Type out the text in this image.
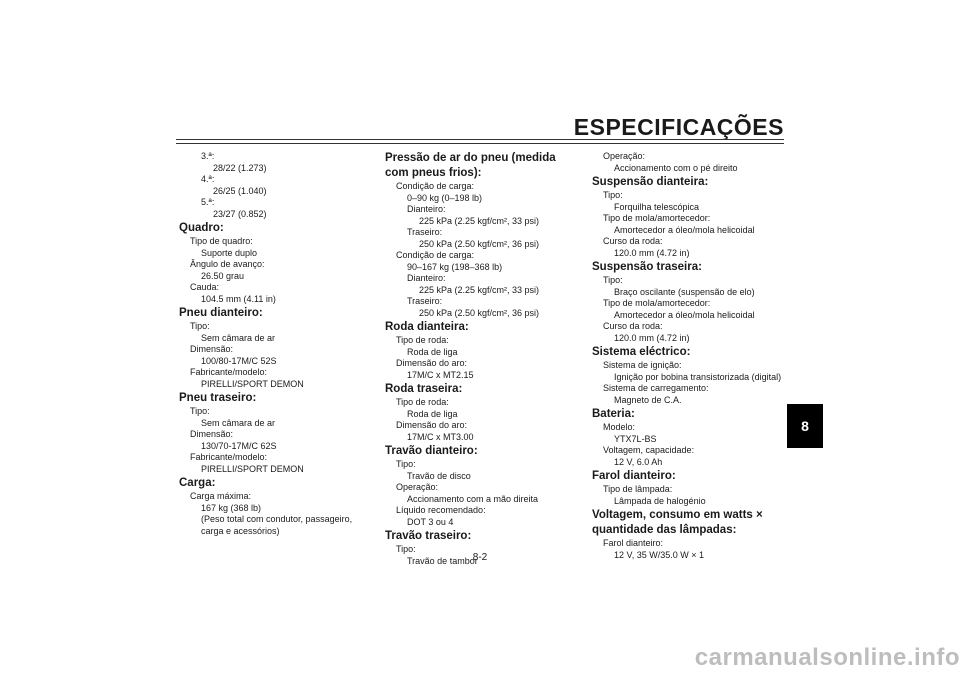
ESPECIFICAÇÕES
3.ª:
28/22 (1.273)
4.ª:
26/25 (1.040)
5.ª:
23/27 (0.852)
Quadro:
Tipo de quadro:
Suporte duplo
Ângulo de avanço:
26.50 grau
Cauda:
104.5 mm (4.11 in)
Pneu dianteiro:
Tipo:
Sem câmara de ar
Dimensão:
100/80-17M/C 52S
Fabricante/modelo:
PIRELLI/SPORT DEMON
Pneu traseiro:
Tipo:
Sem câmara de ar
Dimensão:
130/70-17M/C 62S
Fabricante/modelo:
PIRELLI/SPORT DEMON
Carga:
Carga máxima:
167 kg (368 lb)
(Peso total com condutor, passageiro, carga e acessórios)
Pressão de ar do pneu (medida com pneus frios):
Condição de carga:
0–90 kg (0–198 lb)
Dianteiro:
225 kPa (2.25 kgf/cm², 33 psi)
Traseiro:
250 kPa (2.50 kgf/cm², 36 psi)
Condição de carga:
90–167 kg (198–368 lb)
Dianteiro:
225 kPa (2.25 kgf/cm², 33 psi)
Traseiro:
250 kPa (2.50 kgf/cm², 36 psi)
Roda dianteira:
Tipo de roda:
Roda de liga
Dimensão do aro:
17M/C x MT2.15
Roda traseira:
Tipo de roda:
Roda de liga
Dimensão do aro:
17M/C x MT3.00
Travão dianteiro:
Tipo:
Travão de disco
Operação:
Accionamento com a mão direita
Líquido recomendado:
DOT 3 ou 4
Travão traseiro:
Tipo:
Travão de tambor
Operação:
Accionamento com o pé direito
Suspensão dianteira:
Tipo:
Forquilha telescópica
Tipo de mola/amortecedor:
Amortecedor a óleo/mola helicoidal
Curso da roda:
120.0 mm (4.72 in)
Suspensão traseira:
Tipo:
Braço oscilante (suspensão de elo)
Tipo de mola/amortecedor:
Amortecedor a óleo/mola helicoidal
Curso da roda:
120.0 mm (4.72 in)
Sistema eléctrico:
Sistema de ignição:
Ignição por bobina transistorizada (digital)
Sistema de carregamento:
Magneto de C.A.
Bateria:
Modelo:
YTX7L-BS
Voltagem, capacidade:
12 V, 6.0 Ah
Farol dianteiro:
Tipo de lâmpada:
Lâmpada de halogénio
Voltagem, consumo em watts × quantidade das lâmpadas:
Farol dianteiro:
12 V, 35 W/35.0 W × 1
8-2
8
carmanualsonline.info
